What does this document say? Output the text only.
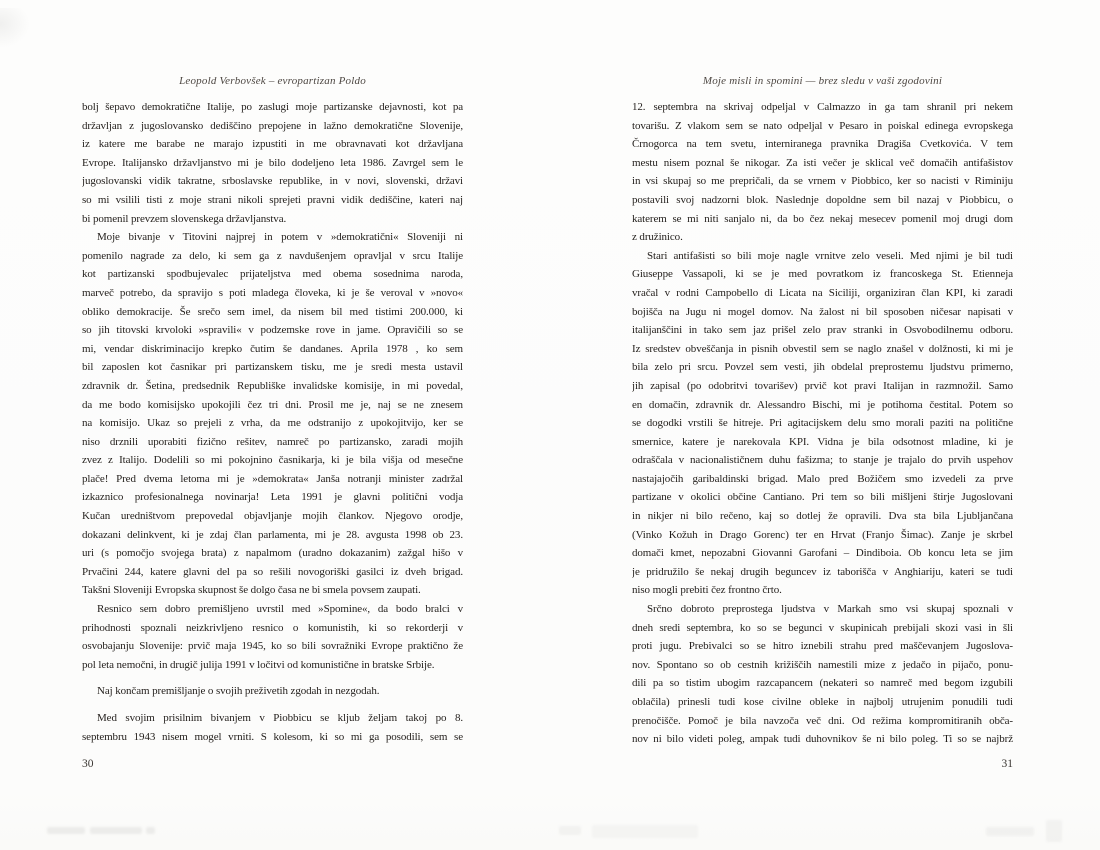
Leopold Verbovšek – evropartizan Poldo
bolj šepavo demokratične Italije, po zaslugi moje partizanske dejavnosti, kot pa
državljan z jugoslovansko dediščino prepojene in lažno demokratične Slovenije,
iz katere me barabe ne marajo izpustiti in me obravnavati kot državljana
Evrope. Italijansko državljanstvo mi je bilo dodeljeno leta 1986. Zavrgel sem le
jugoslovanski vidik takratne, srboslavske republike, in v novi, slovenski, državi
so mi vsilili tisti z moje strani nikoli sprejeti pravni vidik dediščine, kateri naj
bi pomenil prevzem slovenskega državljanstva.
Moje bivanje v Titovini najprej in potem v »demokratični« Sloveniji ni
pomenilo nagrade za delo, ki sem ga z navdušenjem opravljal v srcu Italije
kot partizanski spodbujevalec prijateljstva med obema sosednima naroda,
marveč potrebo, da spravijo s poti mladega človeka, ki je še veroval v »novo«
obliko demokracije. Še srečo sem imel, da nisem bil med tistimi 200.000, ki
so jih titovski krvoloki »spravili« v podzemske rove in jame. Opravičili so se
mi, vendar diskriminacijo krepko čutim še dandanes. Aprila 1978 , ko sem
bil zaposlen kot časnikar pri partizanskem tisku, me je sredi mesta ustavil
zdravnik dr. Šetina, predsednik Republiške invalidske komisije, in mi povedal,
da me bodo komisijsko upokojili čez tri dni. Prosil me je, naj se ne znesem
na komisijo. Ukaz so prejeli z vrha, da me odstranijo z upokojitvijo, ker se
niso drznili uporabiti fizično rešitev, namreč po partizansko, zaradi mojih
zvez z Italijo. Dodelili so mi pokojnino časnikarja, ki je bila višja od mesečne
plače! Pred dvema letoma mi je »demokrata« Janša notranji minister zadržal
izkaznico profesionalnega novinarja! Leta 1991 je glavni politični vodja
Kučan uredništvom prepovedal objavljanje mojih člankov. Njegovo orodje,
dokazani delinkvent, ki je zdaj član parlamenta, mi je 28. avgusta 1998 ob 23.
uri (s pomočjo svojega brata) z napalmom (uradno dokazanim) zažgal hišo v
Prvačini 244, katere glavni del pa so rešili novogoriški gasilci iz dveh brigad.
Takšni Sloveniji Evropska skupnost še dolgo časa ne bi smela povsem zaupati.
Resnico sem dobro premišljeno uvrstil med »Spomine«, da bodo bralci v
prihodnosti spoznali neizkrivljeno resnico o komunistih, ki so rekorderji v
osvobajanju Slovenije: prvič maja 1945, ko so bili sovražniki Evrope praktično že
pol leta nemočni, in drugič julija 1991 v ločitvi od komunistične in bratske Srbije.
Naj končam premišljanje o svojih preživetih zgodah in nezgodah.
Med svojim prisilnim bivanjem v Piobbicu se kljub željam takoj po 8.
septembru 1943 nisem mogel vrniti. S kolesom, ki so mi ga posodili, sem se
30
Moje misli in spomini — brez sledu v vaši zgodovini
12. septembra na skrivaj odpeljal v Calmazzo in ga tam shranil pri nekem
tovarišu. Z vlakom sem se nato odpeljal v Pesaro in poiskal edinega evropskega
Črnogorca na tem svetu, interniranega pravnika Dragiša Cvetkovića. V tem
mestu nisem poznal še nikogar. Za isti večer je sklical več domačih antifašistov
in vsi skupaj so me prepričali, da se vrnem v Piobbico, ker so nacisti v Riminiju
postavili svoj nadzorni blok. Naslednje dopoldne sem bil nazaj v Piobbicu, o
katerem se mi niti sanjalo ni, da bo čez nekaj mesecev pomenil moj drugi dom
z družinico.
Stari antifašisti so bili moje nagle vrnitve zelo veseli. Med njimi je bil tudi
Giuseppe Vassapoli, ki se je med povratkom iz francoskega St. Etienneja
vračal v rodni Campobello di Licata na Siciliji, organiziran član KPI, ki zaradi
bojišča na Jugu ni mogel domov. Na žalost ni bil sposoben ničesar napisati v
italijanščini in tako sem jaz prišel zelo prav stranki in Osvobodilnemu odboru.
Iz sredstev obveščanja in pisnih obvestil sem se naglo znašel v dolžnosti, ki mi je
bila zelo pri srcu. Povzel sem vesti, jih obdelal preprostemu ljudstvu primerno,
jih zapisal (po odobritvi tovarišev) prvič kot pravi Italijan in razmnožil. Samo
en domačin, zdravnik dr. Alessandro Bischi, mi je potihoma čestital. Potem so
se dogodki vrstili še hitreje. Pri agitacijskem delu smo morali paziti na politične
smernice, katere je narekovala KPI. Vidna je bila odsotnost mladine, ki je
odraščala v nacionalističnem duhu fašizma; to stanje je trajalo do prvih uspehov
nastajajočih garibaldinski brigad. Malo pred Božičem smo izvedeli za prve
partizane v okolici občine Cantiano. Pri tem so bili mišljeni štirje Jugoslovani
in nikjer ni bilo rečeno, kaj so dotlej že opravili. Dva sta bila Ljubljančana
(Vinko Kožuh in Drago Gorenc) ter en Hrvat (Franjo Šimac). Zanje je skrbel
domači kmet, nepozabni Giovanni Garofani – Dindiboia. Ob koncu leta se jim
je pridružilo še nekaj drugih beguncev iz taborišča v Anghiariju, kateri se tudi
niso mogli prebiti čez frontno črto.
Srčno dobroto preprostega ljudstva v Markah smo vsi skupaj spoznali v
dneh sredi septembra, ko so se begunci v skupinicah prebijali skozi vasi in šli
proti jugu. Prebivalci so se hitro iznebili strahu pred maščevanjem Jugoslova-
nov. Spontano so ob cestnih križiščih namestili mize z jedačo in pijačo, ponu-
dili pa so tistim ubogim razcapancem (nekateri so namreč med begom izgubili
oblačila) prinesli tudi kose civilne obleke in najbolj utrujenim ponudili tudi
prenočišče. Pomoč je bila navzoča več dni. Od režima kompromitiranih obča-
nov ni bilo videti poleg, ampak tudi duhovnikov še ni bilo poleg. Ti so se najbrž
31
